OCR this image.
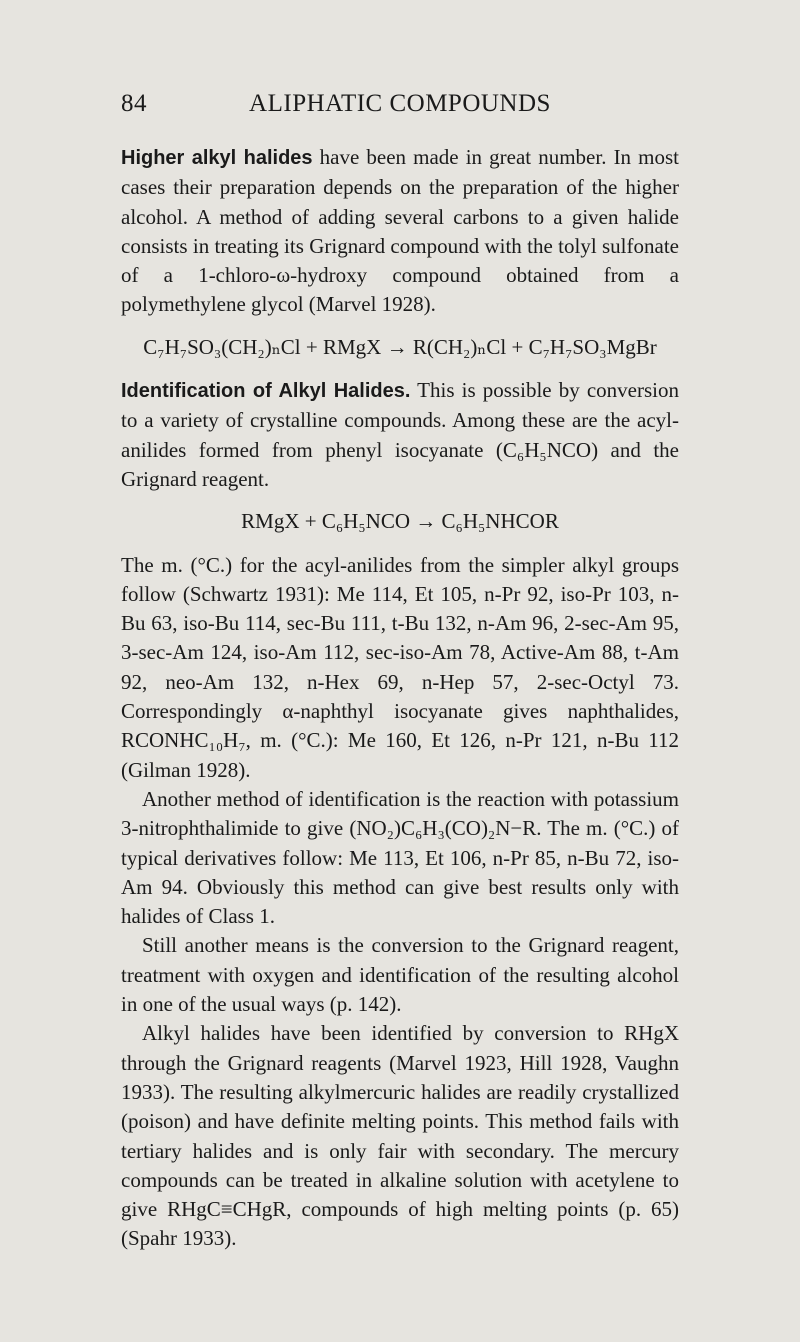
84	ALIPHATIC COMPOUNDS

Higher alkyl halides have been made in great number. In most cases their preparation depends on the preparation of the higher alcohol. A method of adding several carbons to a given halide consists in treating its Grignard compound with the tolyl sulfonate of a 1-chloro-ω-hydroxy compound obtained from a polymethylene glycol (Marvel 1928).

C₇H₇SO₃(CH₂)ₙCl + RMgX → R(CH₂)ₙCl + C₇H₇SO₃MgBr

Identification of Alkyl Halides. This is possible by conversion to a variety of crystalline compounds. Among these are the acyl-anilides formed from phenyl isocyanate (C₆H₅NCO) and the Grignard reagent.

RMgX + C₆H₅NCO → C₆H₅NHCOR

The m. (°C.) for the acyl-anilides from the simpler alkyl groups follow (Schwartz 1931): Me 114, Et 105, n-Pr 92, iso-Pr 103, n-Bu 63, iso-Bu 114, sec-Bu 111, t-Bu 132, n-Am 96, 2-sec-Am 95, 3-sec-Am 124, iso-Am 112, sec-iso-Am 78, Active-Am 88, t-Am 92, neo-Am 132, n-Hex 69, n-Hep 57, 2-sec-Octyl 73. Correspondingly α-naphthyl isocyanate gives naphthalides, RCONHC₁₀H₇, m. (°C.): Me 160, Et 126, n-Pr 121, n-Bu 112 (Gilman 1928).

Another method of identification is the reaction with potassium 3-nitrophthalimide to give (NO₂)C₆H₃(CO)₂N−R. The m. (°C.) of typical derivatives follow: Me 113, Et 106, n-Pr 85, n-Bu 72, iso-Am 94. Obviously this method can give best results only with halides of Class 1.

Still another means is the conversion to the Grignard reagent, treatment with oxygen and identification of the resulting alcohol in one of the usual ways (p. 142).

Alkyl halides have been identified by conversion to RHgX through the Grignard reagents (Marvel 1923, Hill 1928, Vaughn 1933). The resulting alkylmercuric halides are readily crystallized (poison) and have definite melting points. This method fails with tertiary halides and is only fair with secondary. The mercury compounds can be treated in alkaline solution with acetylene to give RHgC≡CHgR, compounds of high melting points (p. 65) (Spahr 1933).
